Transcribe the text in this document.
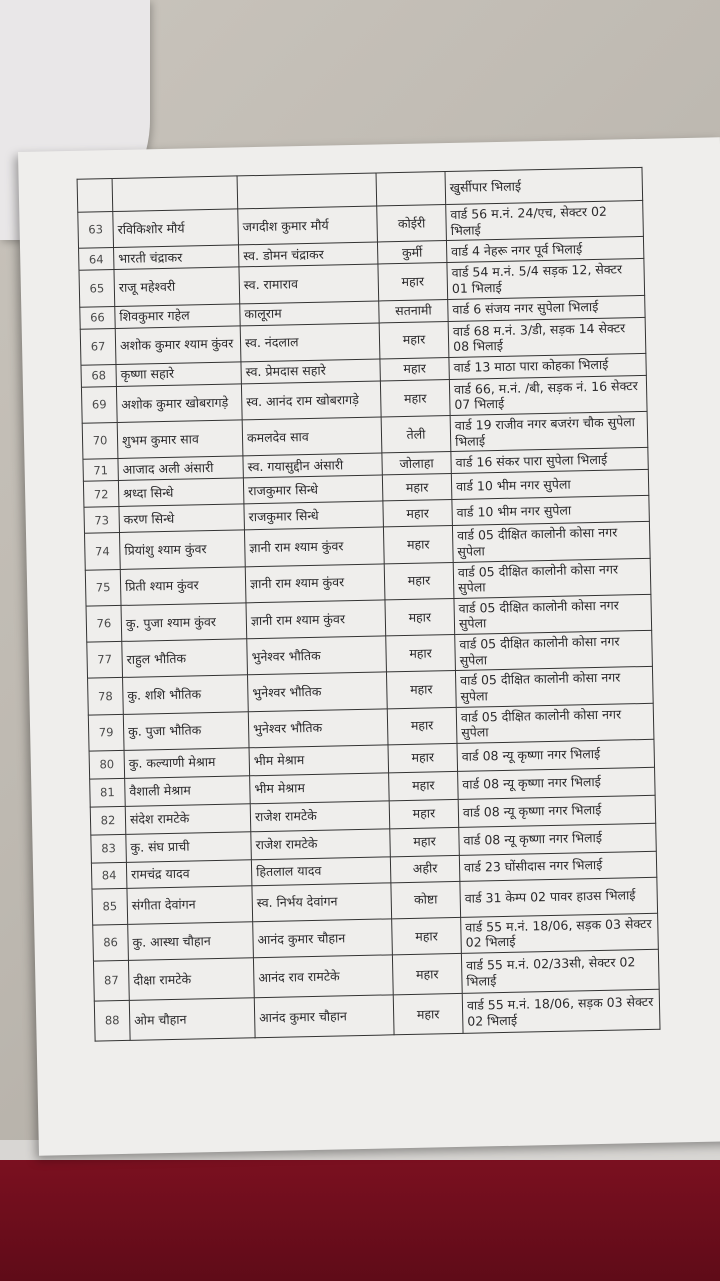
				खुर्सीपार भिलाई
63	रविकिशोर मौर्य	जगदीश कुमार मौर्य	कोईरी	वार्ड 56 म.नं. 24/एच, सेक्टर 02 भिलाई
64	भारती चंद्राकर	स्व. डोमन चंद्राकर	कुर्मी	वार्ड 4 नेहरू नगर पूर्व भिलाई
65	राजू महेश्वरी	स्व. रामाराव	महार	वार्ड 54 म.नं. 5/4 सड़क 12, सेक्टर 01 भिलाई
66	शिवकुमार गहेल	कालूराम	सतनामी	वार्ड 6 संजय नगर सुपेला भिलाई
67	अशोक कुमार श्याम कुंवर	स्व. नंदलाल	महार	वार्ड 68 म.नं. 3/डी, सड़क 14 सेक्टर 08 भिलाई
68	कृष्णा सहारे	स्व. प्रेमदास सहारे	महार	वार्ड 13 माठा पारा कोहका भिलाई
69	अशोक कुमार खोबरागड़े	स्व. आनंद राम खोबरागड़े	महार	वार्ड 66, म.नं. /बी, सड़क नं. 16 सेक्टर 07 भिलाई
70	शुभम कुमार साव	कमलदेव साव	तेली	वार्ड 19 राजीव नगर बजरंग चौक सुपेला भिलाई
71	आजाद अली अंसारी	स्व. गयासुद्दीन अंसारी	जोलाहा	वार्ड 16 संकर पारा सुपेला भिलाई
72	श्रध्दा सिन्धे	राजकुमार सिन्धे	महार	वार्ड 10 भीम नगर सुपेला
73	करण सिन्धे	राजकुमार सिन्धे	महार	वार्ड 10 भीम नगर सुपेला
74	प्रियांशु श्याम कुंवर	ज्ञानी राम श्याम कुंवर	महार	वार्ड 05 दीक्षित कालोनी कोसा नगर सुपेला
75	प्रिती श्याम कुंवर	ज्ञानी राम श्याम कुंवर	महार	वार्ड 05 दीक्षित कालोनी कोसा नगर सुपेला
76	कु. पुजा श्याम कुंवर	ज्ञानी राम श्याम कुंवर	महार	वार्ड 05 दीक्षित कालोनी कोसा नगर सुपेला
77	राहुल भौतिक	भुनेश्वर भौतिक	महार	वार्ड 05 दीक्षित कालोनी कोसा नगर सुपेला
78	कु. शशि भौतिक	भुनेश्वर भौतिक	महार	वार्ड 05 दीक्षित कालोनी कोसा नगर सुपेला
79	कु. पुजा भौतिक	भुनेश्वर भौतिक	महार	वार्ड 05 दीक्षित कालोनी कोसा नगर सुपेला
80	कु. कल्याणी मेश्राम	भीम मेश्राम	महार	वार्ड 08 न्यू कृष्णा नगर भिलाई
81	वैशाली मेश्राम	भीम मेश्राम	महार	वार्ड 08 न्यू कृष्णा नगर भिलाई
82	संदेश रामटेके	राजेश रामटेके	महार	वार्ड 08 न्यू कृष्णा नगर भिलाई
83	कु. संघ प्राची	राजेश रामटेके	महार	वार्ड 08 न्यू कृष्णा नगर भिलाई
84	रामचंद्र यादव	हितलाल यादव	अहीर	वार्ड 23 घोंसीदास नगर भिलाई
85	संगीता देवांगन	स्व. निर्भय देवांगन	कोष्टा	वार्ड 31 केम्प 02 पावर हाउस भिलाई
86	कु. आस्था चौहान	आनंद कुमार चौहान	महार	वार्ड 55 म.नं. 18/06, सड़क 03 सेक्टर 02 भिलाई
87	दीक्षा रामटेके	आनंद राव रामटेके	महार	वार्ड 55 म.नं. 02/33सी, सेक्टर 02 भिलाई
88	ओम चौहान	आनंद कुमार चौहान	महार	वार्ड 55 म.नं. 18/06, सड़क 03 सेक्टर 02 भिलाई
